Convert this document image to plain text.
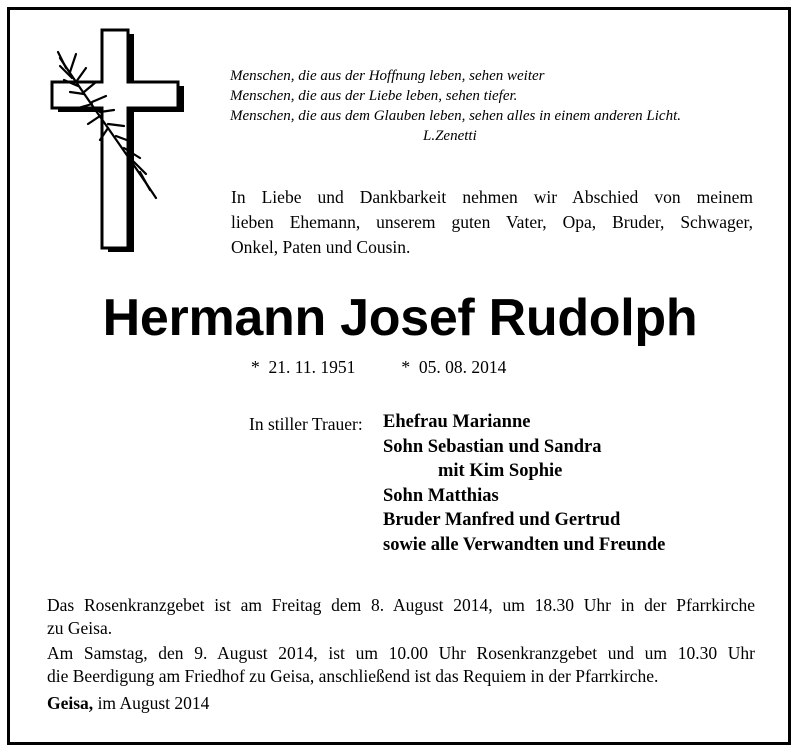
Menschen, die aus der Hoffnung leben, sehen weiter
Menschen, die aus der Liebe leben, sehen tiefer.
Menschen, die aus dem Glauben leben, sehen alles in einem anderen Licht.
L.Zenetti
In Liebe und Dankbarkeit nehmen wir Abschied von meinem
lieben Ehemann, unserem guten Vater, Opa, Bruder, Schwager,
Onkel, Paten und Cousin.
Hermann Josef Rudolph
*  21. 11. 1951	*  05. 08. 2014
In stiller Trauer: Ehefrau Marianne
Sohn Sebastian und Sandra
mit Kim Sophie
Sohn Matthias
Bruder Manfred und Gertrud
sowie alle Verwandten und Freunde
Das Rosenkranzgebet ist am Freitag dem 8. August 2014, um 18.30 Uhr in der Pfarrkirche
zu Geisa.
Am Samstag, den 9. August 2014, ist um 10.00 Uhr Rosenkranzgebet und um 10.30 Uhr
die Beerdigung am Friedhof zu Geisa, anschließend ist das Requiem in der Pfarrkirche.
Geisa, im August 2014
